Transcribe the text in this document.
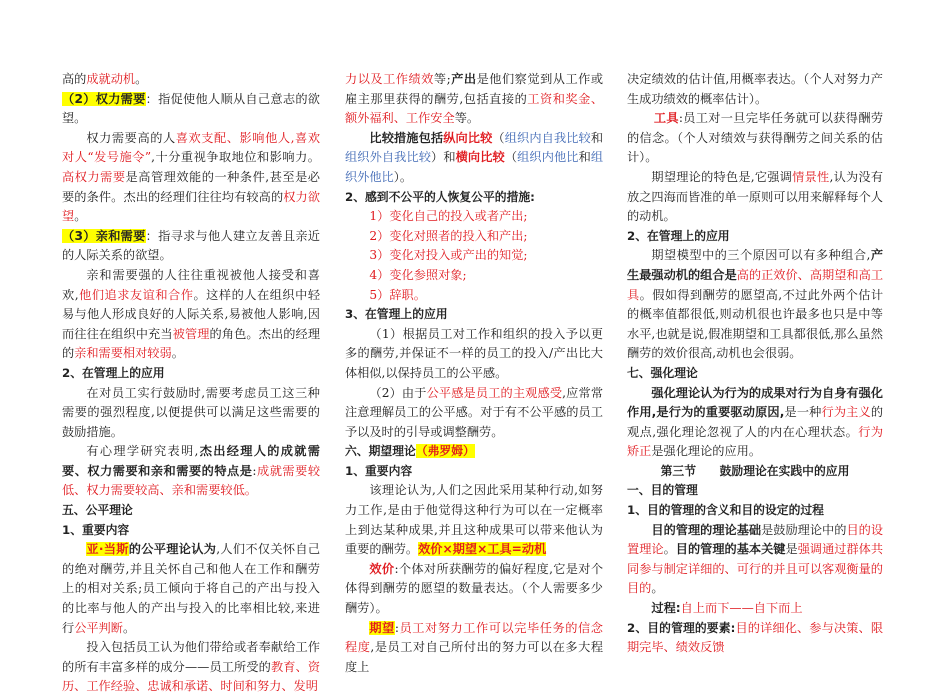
高的成就动机。

（2）权力需要：指促使他人顺从自己意志的欲望。

权力需要高的人喜欢支配、影响他人,喜欢对人“发号施令”,十分重视争取地位和影响力。高权力需要是高管理效能的一种条件,甚至是必要的条件。杰出的经理们往往均有较高的权力欲望。

（3）亲和需要：指寻求与他人建立友善且亲近的人际关系的欲望。

亲和需要强的人往往重视被他人接受和喜欢,他们追求友谊和合作。这样的人在组织中轻易与他人形成良好的人际关系,易被他人影响,因而往往在组织中充当被管理的角色。杰出的经理的亲和需要相对较弱。

2、在管理上的应用

在对员工实行鼓励时,需要考虑员工这三种需要的强烈程度,以便提供可以满足这些需要的鼓励措施。

有心理学研究表明,杰出经理人的成就需要、权力需要和亲和需要的特点是:成就需要较低、权力需要较高、亲和需要较低。

五、公平理论

1、重要内容

亚·当斯的公平理论认为,人们不仅关怀自己的绝对酬劳,并且关怀自己和他人在工作和酬劳上的相对关系;员工倾向于将自己的产出与投入的比率与他人的产出与投入的比率相比较,来进行公平判断。

投入包括员工认为他们带给或者奉献给工作的所有丰富多样的成分——员工所受的教育、资历、工作经验、忠诚和承诺、时间和努力、发明

力以及工作绩效等;产出是他们察觉到从工作或雇主那里获得的酬劳,包括直接的工资和奖金、额外福利、工作安全等。

比较措施包括纵向比较（组织内自我比较和组织外自我比较）和横向比较（组织内他比和组织外他比）。

2、感到不公平的人恢复公平的措施:

1）变化自己的投入或者产出;

2）变化对照者的投入和产出;

3）变化对投入或产出的知觉;

4）变化参照对象;

5）辞职。

3、在管理上的应用

（1）根据员工对工作和组织的投入予以更多的酬劳,并保证不一样的员工的投入/产出比大体相似,以保持员工的公平感。

（2）由于公平感是员工的主观感受,应常常注意理解员工的公平感。对于有不公平感的员工予以及时的引导或调整酬劳。

六、期望理论（弗罗姆）

1、重要内容

该理论认为,人们之因此采用某种行动,如努力工作,是由于他觉得这种行为可以在一定概率上到达某种成果,并且这种成果可以带来他认为重要的酬劳。效价×期望×工具=动机

效价:个体对所获酬劳的偏好程度,它是对个体得到酬劳的愿望的数量表达。（个人需要多少酬劳）。

期望:员工对努力工作可以完毕任务的信念程度,是员工对自己所付出的努力可以在多大程度上

决定绩效的估计值,用概率表达。（个人对努力产生成功绩效的概率估计）。

工具:员工对一旦完毕任务就可以获得酬劳的信念。（个人对绩效与获得酬劳之间关系的估计）。

期望理论的特色是,它强调情景性,认为没有放之四海而皆准的单一原则可以用来解释每个人的动机。

2、在管理上的应用

期望模型中的三个原因可以有多种组合,产生最强动机的组合是高的正效价、高期望和高工具。假如得到酬劳的愿望高,不过此外两个估计的概率值都很低,则动机很也许最多也只是中等水平,也就是说,假准期望和工具都很低,那么虽然酬劳的效价很高,动机也会很弱。

七、强化理论

强化理论认为行为的成果对行为自身有强化作用,是行为的重要驱动原因,是一种行为主义的观点,强化理论忽视了人的内在心理状态。行为矫正是强化理论的应用。

第三节　　鼓励理论在实践中的应用

一、目的管理

1、目的管理的含义和目的设定的过程

目的管理的理论基础是鼓励理论中的目的设置理论。目的管理的基本关键是强调通过群体共同参与制定详细的、可行的并且可以客观衡量的目的。

过程:自上而下——自下而上

2、目的管理的要素:目的详细化、参与决策、限期完毕、绩效反馈
